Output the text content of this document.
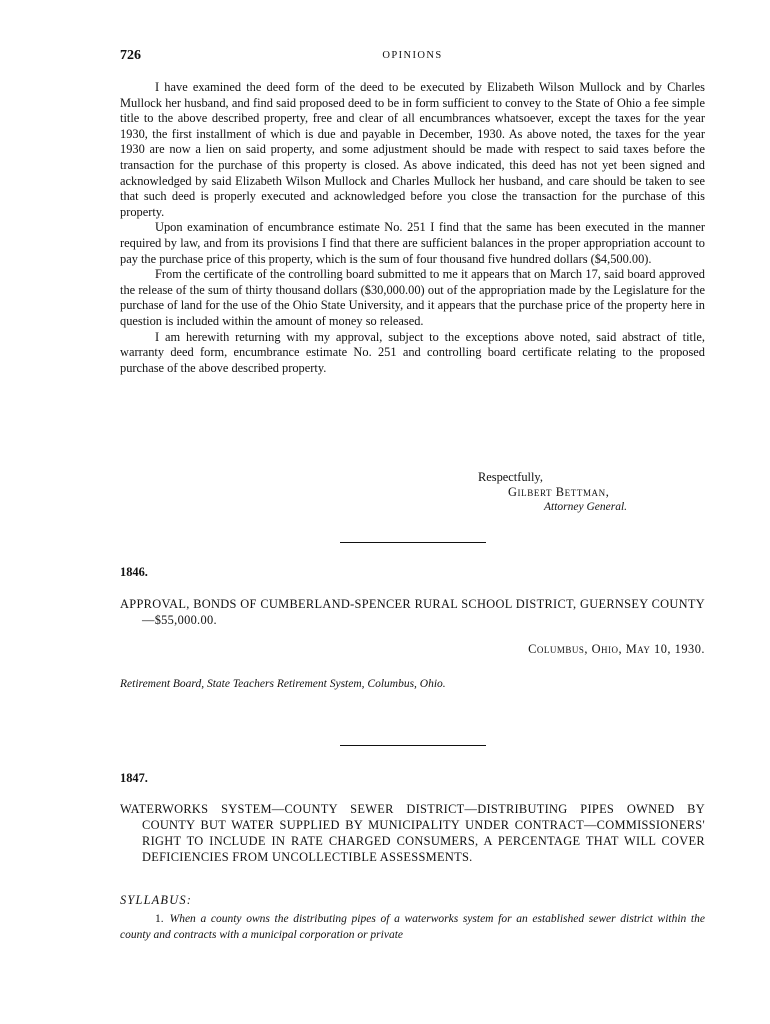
726	OPINIONS

I have examined the deed form of the deed to be executed by Elizabeth Wilson Mullock and by Charles Mullock her husband, and find said proposed deed to be in form sufficient to convey to the State of Ohio a fee simple title to the above described property, free and clear of all encumbrances whatsoever, except the taxes for the year 1930, the first installment of which is due and payable in December, 1930. As above noted, the taxes for the year 1930 are now a lien on said property, and some adjustment should be made with respect to said taxes before the transaction for the purchase of this property is closed. As above indicated, this deed has not yet been signed and acknowledged by said Elizabeth Wilson Mullock and Charles Mullock her husband, and care should be taken to see that such deed is properly executed and acknowledged before you close the transaction for the purchase of this property.

Upon examination of encumbrance estimate No. 251 I find that the same has been executed in the manner required by law, and from its provisions I find that there are sufficient balances in the proper appropriation account to pay the purchase price of this property, which is the sum of four thousand five hundred dollars ($4,500.00).

From the certificate of the controlling board submitted to me it appears that on March 17, said board approved the release of the sum of thirty thousand dollars ($30,000.00) out of the appropriation made by the Legislature for the purchase of land for the use of the Ohio State University, and it appears that the purchase price of the property here in question is included within the amount of money so released.

I am herewith returning with my approval, subject to the exceptions above noted, said abstract of title, warranty deed form, encumbrance estimate No. 251 and controlling board certificate relating to the proposed purchase of the above described property.

Respectfully,
Gilbert Bettman,
Attorney General.
1846.

APPROVAL, BONDS OF CUMBERLAND-SPENCER RURAL SCHOOL DISTRICT, GUERNSEY COUNTY—$55,000.00.

Columbus, Ohio, May 10, 1930.
Retirement Board, State Teachers Retirement System, Columbus, Ohio.
1847.

WATERWORKS SYSTEM—COUNTY SEWER DISTRICT—DISTRIBUTING PIPES OWNED BY COUNTY BUT WATER SUPPLIED BY MUNICIPALITY UNDER CONTRACT—COMMISSIONERS' RIGHT TO INCLUDE IN RATE CHARGED CONSUMERS, A PERCENTAGE THAT WILL COVER DEFICIENCIES FROM UNCOLLECTIBLE ASSESSMENTS.

SYLLABUS:

1. When a county owns the distributing pipes of a waterworks system for an established sewer district within the county and contracts with a municipal corporation or private
